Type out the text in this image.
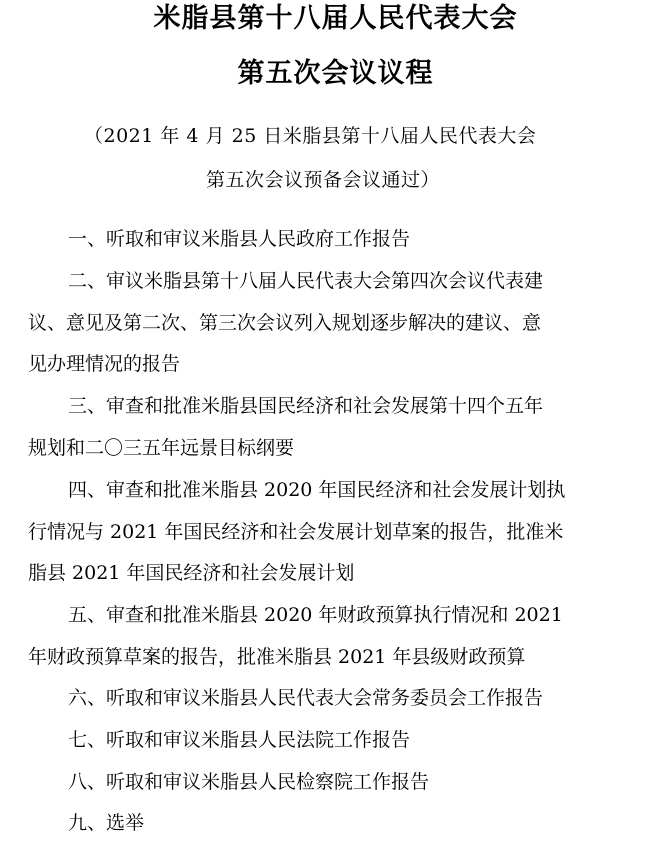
米脂县第十八届人民代表大会
第五次会议议程
（2021 年 4 月 25 日米脂县第十八届人民代表大会
第五次会议预备会议通过）
一、听取和审议米脂县人民政府工作报告
二、审议米脂县第十八届人民代表大会第四次会议代表建
议、意见及第二次、第三次会议列入规划逐步解决的建议、意
见办理情况的报告
三、审查和批准米脂县国民经济和社会发展第十四个五年
规划和二〇三五年远景目标纲要
四、审查和批准米脂县 2020 年国民经济和社会发展计划执
行情况与 2021 年国民经济和社会发展计划草案的报告，批准米
脂县 2021 年国民经济和社会发展计划
五、审查和批准米脂县 2020 年财政预算执行情况和 2021
年财政预算草案的报告，批准米脂县 2021 年县级财政预算
六、听取和审议米脂县人民代表大会常务委员会工作报告
七、听取和审议米脂县人民法院工作报告
八、听取和审议米脂县人民检察院工作报告
九、选举
